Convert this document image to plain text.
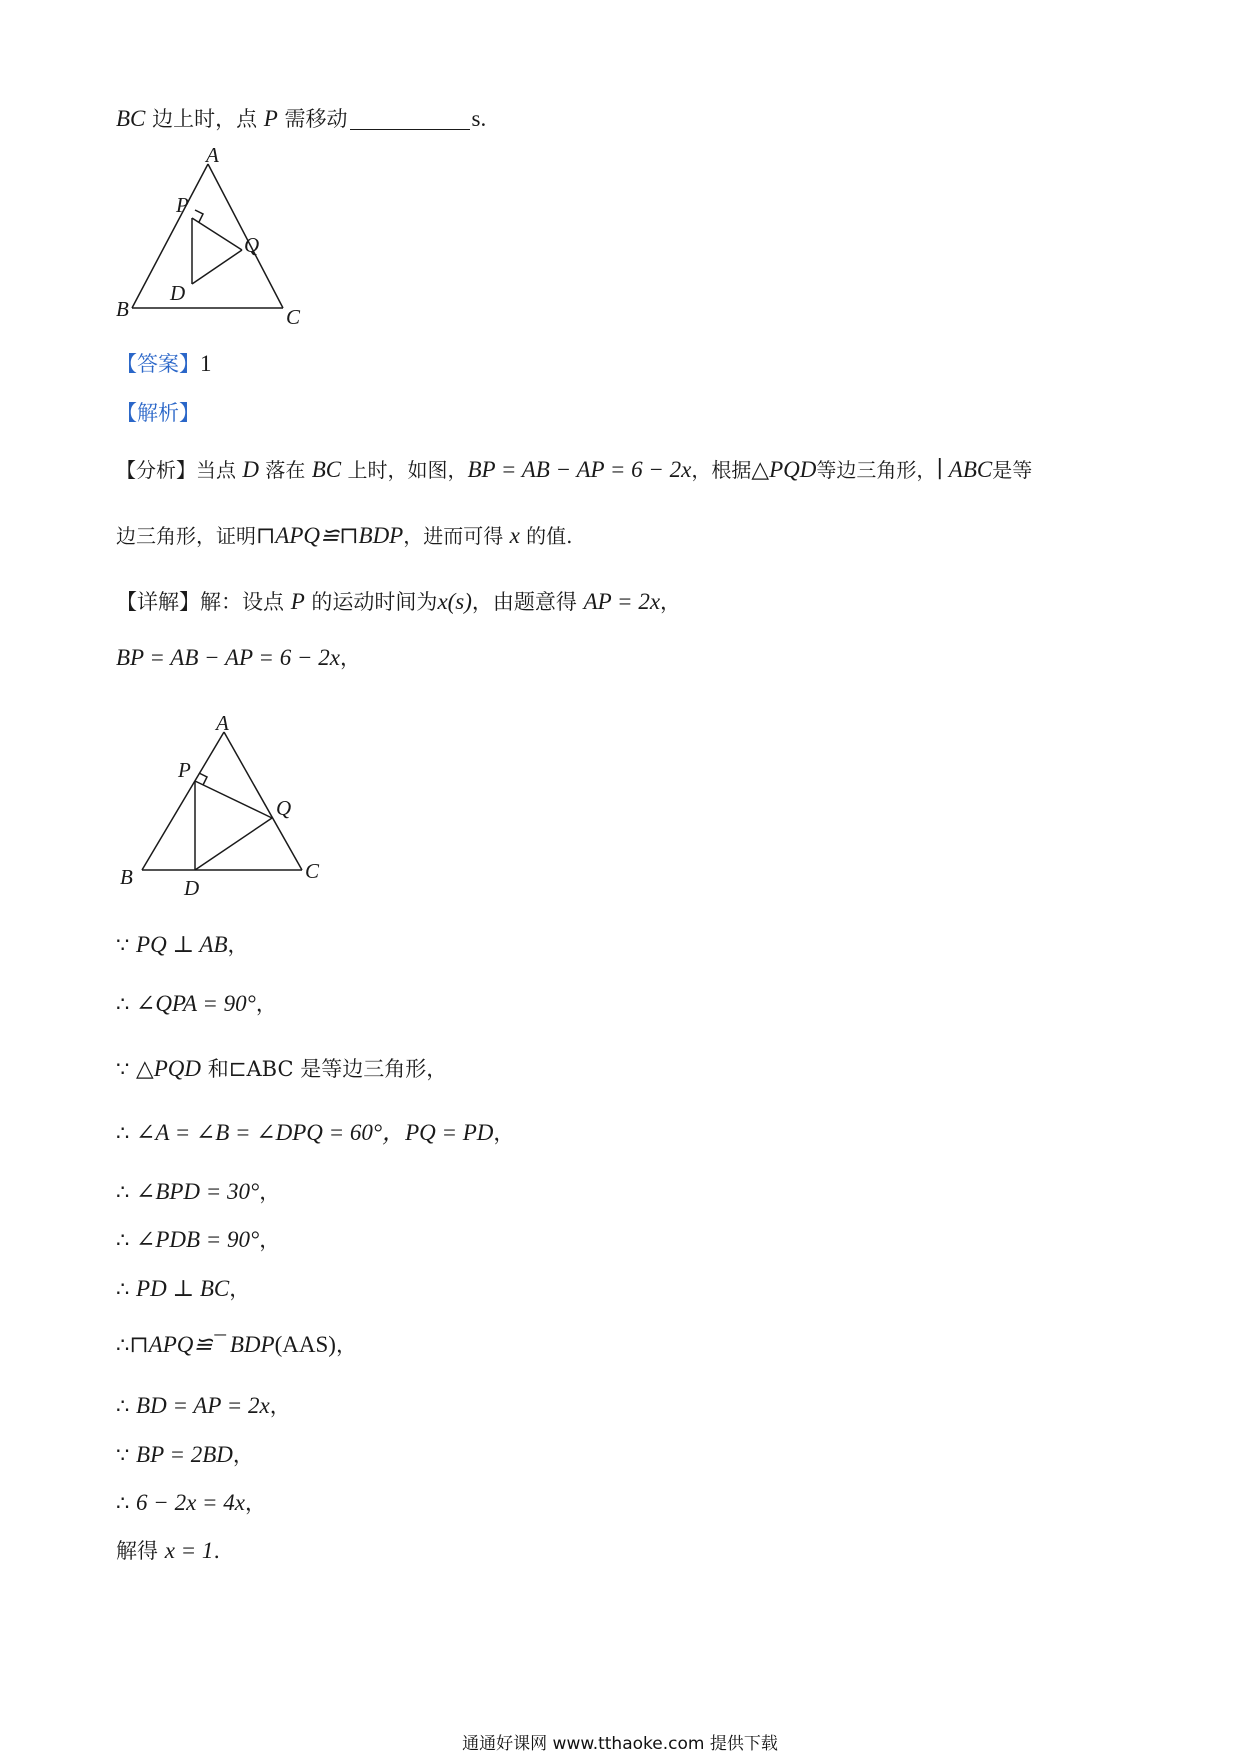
BC 边上时，点 P 需移动	s.
A
B	C
P
Q
D
【答案】1
【解析】
【分析】当点 D 落在 BC 上时，如图，BP = AB − AP = 6 − 2x，根据△PQD等边三角形，∣ ABC是等
边三角形，证明⊓APQ≌⊓BDP，进而可得 x 的值.
【详解】解：设点 P 的运动时间为x(s)，由题意得 AP = 2x，
BP = AB − AP = 6 − 2x，
A
B	C
P
Q
D
∵ PQ ⊥ AB，
∴ ∠QPA = 90°，
∵ △PQD 和⊏ABC 是等边三角形，
∴ ∠A = ∠B = ∠DPQ = 60°，PQ = PD，
∴ ∠BPD = 30°，
∴ ∠PDB = 90°，
∴ PD ⊥ BC，
∴⊓APQ≌¯ BDP(AAS)，
∴ BD = AP = 2x，
∵ BP = 2BD，
∴ 6 − 2x = 4x，
解得 x = 1.
通通好课网 www.tthaoke.com 提供下载
